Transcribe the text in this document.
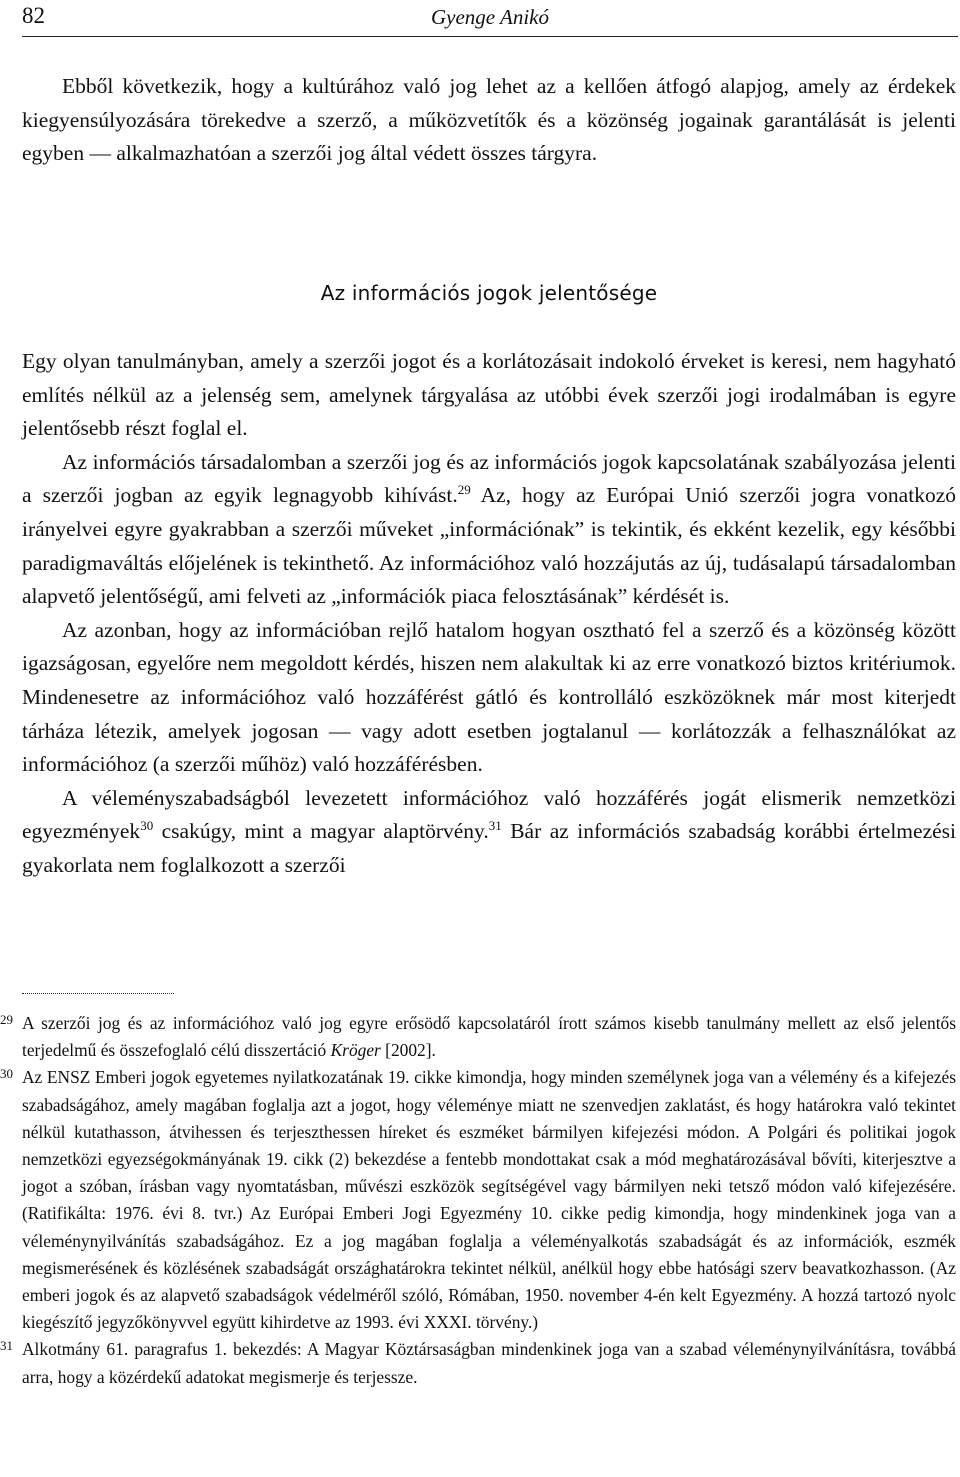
82	Gyenge Anikó

Ebből következik, hogy a kultúrához való jog lehet az a kellően átfogó alapjog, amely az érdekek kiegyensúlyozására törekedve a szerző, a műközvetítők és a közönség jogainak garantálását is jelenti egyben — alkalmazhatóan a szerzői jog által védett összes tárgyra.

Az információs jogok jelentősége

Egy olyan tanulmányban, amely a szerzői jogot és a korlátozásait indokoló érveket is keresi, nem hagyható említés nélkül az a jelenség sem, amelynek tárgyalása az utóbbi évek szerzői jogi irodalmában is egyre jelentősebb részt foglal el.

Az információs társadalomban a szerzői jog és az információs jogok kapcsolatának szabályozása jelenti a szerzői jogban az egyik legnagyobb kihívást.$^{29}$ Az, hogy az Európai Unió szerzői jogra vonatkozó irányelvei egyre gyakrabban a szerzői műveket „információnak” is tekintik, és ekként kezelik, egy későbbi paradigmaváltás előjelének is tekinthető. Az információhoz való hozzájutás az új, tudásalapú társadalomban alapvető jelentőségű, ami felveti az „információk piaca felosztásának” kérdését is.

Az azonban, hogy az információban rejlő hatalom hogyan osztható fel a szerző és a közönség között igazságosan, egyelőre nem megoldott kérdés, hiszen nem alakultak ki az erre vonatkozó biztos kritériumok. Mindenesetre az információhoz való hozzáférést gátló és kontrolláló eszközöknek már most kiterjedt tárháza létezik, amelyek jogosan — vagy adott esetben jogtalanul — korlátozzák a felhasználókat az információhoz (a szerzői műhöz) való hozzáférésben.

A véleményszabadságból levezetett információhoz való hozzáférés jogát elismerik nemzetközi egyezmények$^{30}$ csakúgy, mint a magyar alaptörvény.$^{31}$ Bár az információs szabadság korábbi értelmezési gyakorlata nem foglalkozott a szerzői

29 A szerzői jog és az információhoz való jog egyre erősödő kapcsolatáról írott számos kisebb tanulmány mellett az első jelentős terjedelmű és összefoglaló célú disszertáció Kröger [2002].

30 Az ENSZ Emberi jogok egyetemes nyilatkozatának 19. cikke kimondja, hogy minden személynek joga van a vélemény és a kifejezés szabadságához, amely magában foglalja azt a jogot, hogy véleménye miatt ne szenvedjen zaklatást, és hogy határokra való tekintet nélkül kutathasson, átvihessen és terjeszthessen híreket és eszméket bármilyen kifejezési módon. A Polgári és politikai jogok nemzetközi egyezségokmányának 19. cikk (2) bekezdése a fentebb mondottakat csak a mód meghatározásával bővíti, kiterjesztve a jogot a szóban, írásban vagy nyomtatásban, művészi eszközök segítségével vagy bármilyen neki tetsző módon való kifejezésére. (Ratifikálta: 1976. évi 8. tvr.) Az Európai Emberi Jogi Egyezmény 10. cikke pedig kimondja, hogy mindenkinek joga van a véleménynyilvánítás szabadságához. Ez a jog magában foglalja a véleményalkotás szabadságát és az információk, eszmék megismerésének és közlésének szabadságát országhatárokra tekintet nélkül, anélkül hogy ebbe hatósági szerv beavatkozhasson. (Az emberi jogok és az alapvető szabadságok védelméről szóló, Rómában, 1950. november 4-én kelt Egyezmény. A hozzá tartozó nyolc kiegészítő jegyzőkönyvvel együtt kihirdetve az 1993. évi XXXI. törvény.)

31 Alkotmány 61. paragrafus 1. bekezdés: A Magyar Köztársaságban mindenkinek joga van a szabad véleménynyilvánításra, továbbá arra, hogy a közérdekű adatokat megismerje és terjessze.
